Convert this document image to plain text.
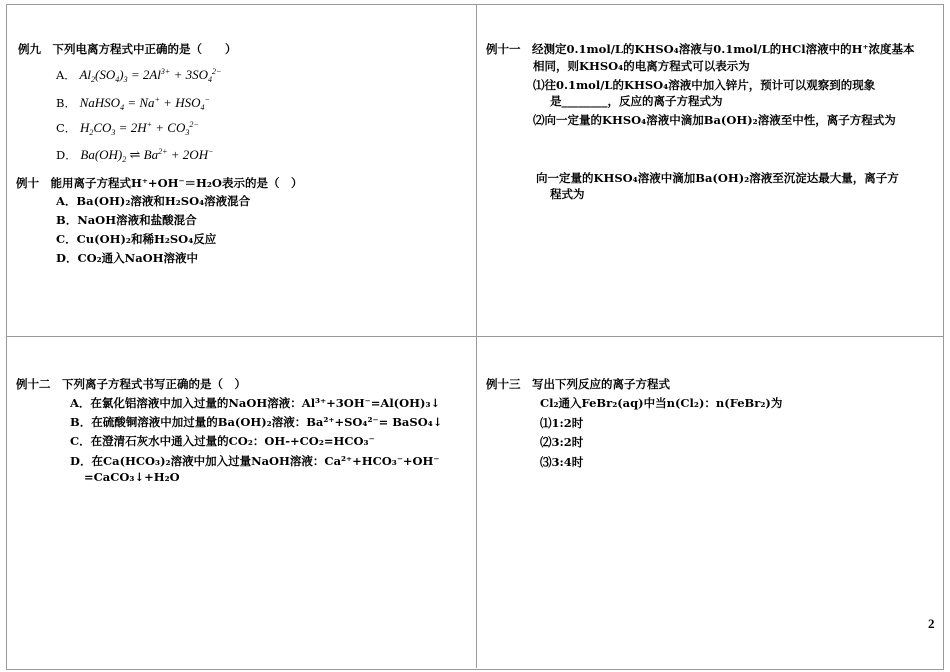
例九　下列电离方程式中正确的是（　　）
A． $Al_2(SO_4)_3 = 2Al^{3+} + 3SO_4^{2-}$
B． NaHSO$_4$ = $Na^+ + HSO_4^-$
C． $H_2CO_3 = 2H^+ + CO_3^{2-}$
D． $Ba(OH)_2$ ⇌ $Ba^{2+} + 2OH^-$
例十　能用离子方程式H⁺+OH⁻＝H₂O表示的是（　）
A．Ba(OH)₂溶液和H₂SO₄溶液混合
B．NaOH溶液和盐酸混合
C．Cu(OH)₂和稀H₂SO₄反应
D．CO₂通入NaOH溶液中
例十一　经测定0.1mol/L的KHSO₄溶液与0.1mol/L的HCl溶液中的H⁺浓度基本
相同，则KHSO₄的电离方程式可以表示为
⑴往0.1mol/L的KHSO₄溶液中加入锌片，预计可以观察到的现象
是________，反应的离子方程式为
⑵向一定量的KHSO₄溶液中滴加Ba(OH)₂溶液至中性，离子方程式为
向一定量的KHSO₄溶液中滴加Ba(OH)₂溶液至沉淀达最大量，离子方
程式为
例十二　下列离子方程式书写正确的是（　）
A．在氯化铝溶液中加入过量的NaOH溶液：Al³⁺+3OH⁻=Al(OH)₃↓
B．在硫酸铜溶液中加过量的Ba(OH)₂溶液：Ba²⁺+SO₄²⁻= BaSO₄↓
C．在澄清石灰水中通入过量的CO₂：OH-+CO₂=HCO₃⁻
D．在Ca(HCO₃)₂溶液中加入过量NaOH溶液：Ca²⁺+HCO₃⁻+OH⁻
=CaCO₃↓+H₂O
例十三　写出下列反应的离子方程式
Cl₂通入FeBr₂(aq)中当n(Cl₂)：n(FeBr₂)为
⑴1:2时
⑵3:2时
⑶3:4时
2
